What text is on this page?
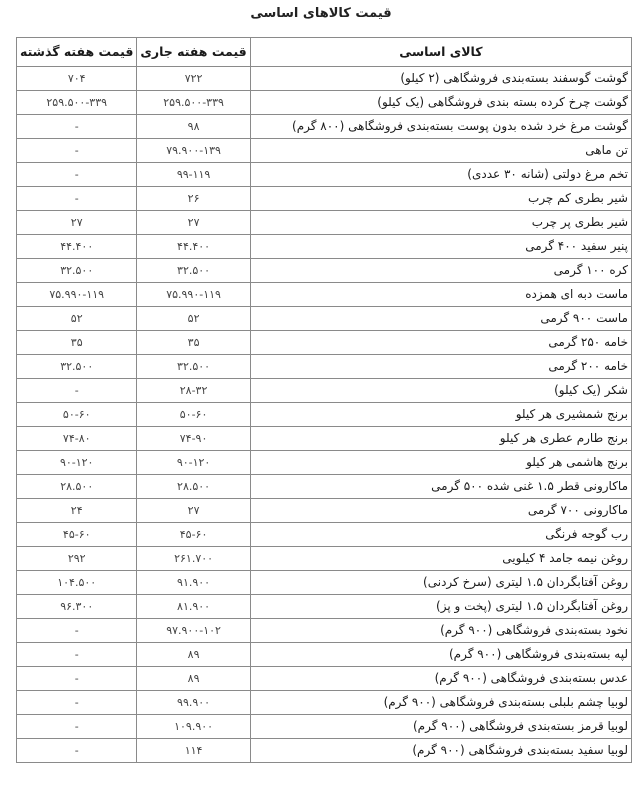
قیمت کالاهای اساسی
کالای اساسی	قیمت هفته جاری	قیمت هفته گذشته
گوشت گوسفند بسته‌بندی فروشگاهی (۲ کیلو)	۷۲۲	۷۰۴
گوشت چرخ کرده بسته بندی فروشگاهی (یک کیلو)	۲۵۹.۵۰۰-۳۳۹	۲۵۹.۵۰۰-۳۳۹
گوشت مرغ خرد شده بدون پوست بسته‌بندی فروشگاهی (۸۰۰ گرم)	۹۸	-
تن ماهی	۷۹.۹۰۰-۱۳۹	-
تخم مرغ دولتی (شانه ۳۰ عددی)	۹۹-۱۱۹	-
شیر بطری کم چرب	۲۶	-
شیر بطری پر چرب	۲۷	۲۷
پنیر سفید ۴۰۰ گرمی	۴۴.۴۰۰	۴۴.۴۰۰
کره ۱۰۰ گرمی	۳۲.۵۰۰	۳۲.۵۰۰
ماست دبه ای همزده	۷۵.۹۹۰-۱۱۹	۷۵.۹۹۰-۱۱۹
ماست ۹۰۰ گرمی	۵۲	۵۲
خامه ۲۵۰ گرمی	۳۵	۳۵
خامه ۲۰۰ گرمی	۳۲.۵۰۰	۳۲.۵۰۰
شکر (یک کیلو)	۲۸-۳۲	-
برنج شمشیری هر کیلو	۵۰-۶۰	۵۰-۶۰
برنج طارم عطری هر کیلو	۷۴-۹۰	۷۴-۸۰
برنج هاشمی هر کیلو	۹۰-۱۲۰	۹۰-۱۲۰
ماکارونی قطر ۱.۵ غنی شده ۵۰۰ گرمی	۲۸.۵۰۰	۲۸.۵۰۰
ماکارونی ۷۰۰ گرمی	۲۷	۲۴
رب گوجه فرنگی	۴۵-۶۰	۴۵-۶۰
روغن نیمه جامد ۴ کیلویی	۲۶۱.۷۰۰	۲۹۲
روغن آفتابگردان ۱.۵ لیتری (سرخ کردنی)	۹۱.۹۰۰	۱۰۴.۵۰۰
روغن آفتابگردان ۱.۵ لیتری (پخت و پز)	۸۱.۹۰۰	۹۶.۳۰۰
نخود بسته‌بندی فروشگاهی (۹۰۰ گرم)	۹۷.۹۰۰-۱۰۲	-
لپه بسته‌بندی فروشگاهی (۹۰۰ گرم)	۸۹	-
عدس بسته‌بندی فروشگاهی (۹۰۰ گرم)	۸۹	-
لوبیا چشم بلبلی بسته‌بندی فروشگاهی (۹۰۰ گرم)	۹۹.۹۰۰	-
لوبیا قرمز بسته‌بندی فروشگاهی (۹۰۰ گرم)	۱۰۹.۹۰۰	-
لوبیا سفید بسته‌بندی فروشگاهی (۹۰۰ گرم)	۱۱۴	-
